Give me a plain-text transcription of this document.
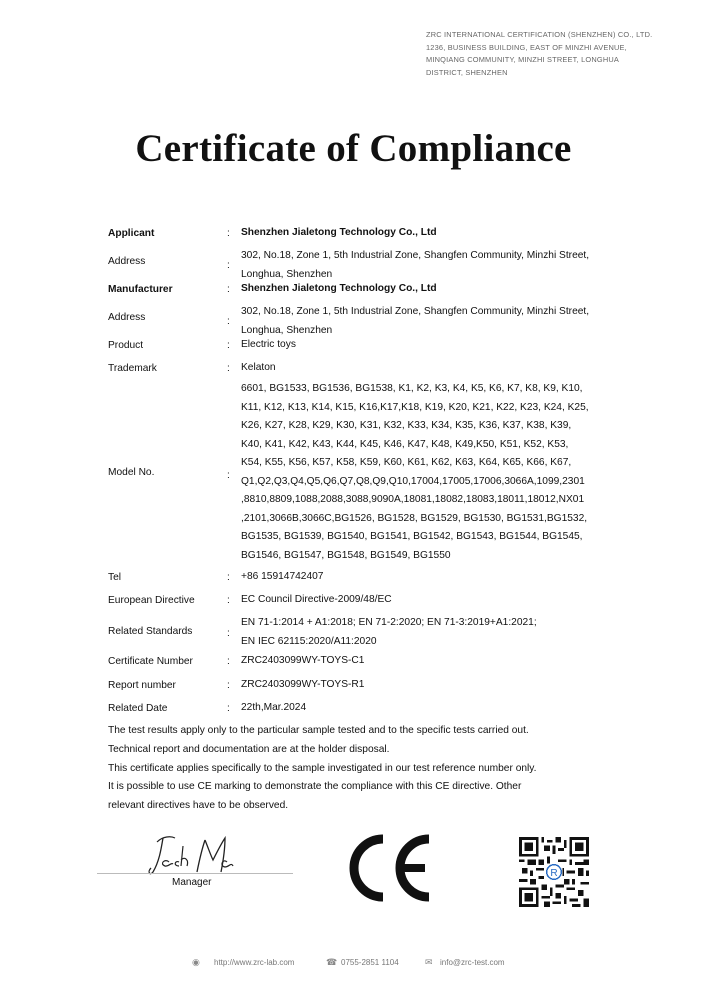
ZRC INTERNATIONAL CERTIFICATION (SHENZHEN) CO., LTD.
1236, BUSINESS BUILDING, EAST OF MINZHI AVENUE,
MINQIANG COMMUNITY, MINZHI STREET, LONGHUA
DISTRICT, SHENZHEN
Certificate of Compliance
Applicant	: Shenzhen Jialetong Technology Co., Ltd
Address	:
302, No.18, Zone 1, 5th Industrial Zone, Shangfen Community, Minzhi Street, Longhua, Shenzhen
Manufacturer	: Shenzhen Jialetong Technology Co., Ltd
Address	:
302, No.18, Zone 1, 5th Industrial Zone, Shangfen Community, Minzhi Street, Longhua, Shenzhen
Product	: Electric toys
Trademark	: Kelaton
Model No.	:
6601, BG1533, BG1536, BG1538, K1, K2, K3, K4, K5, K6, K7, K8, K9, K10,
K11, K12, K13, K14, K15, K16,K17,K18, K19, K20, K21, K22, K23, K24, K25,
K26, K27, K28, K29, K30, K31, K32, K33, K34, K35, K36, K37, K38, K39,
K40, K41, K42, K43, K44, K45, K46, K47, K48, K49,K50, K51, K52, K53,
K54, K55, K56, K57, K58, K59, K60, K61, K62, K63, K64, K65, K66, K67,
Q1,Q2,Q3,Q4,Q5,Q6,Q7,Q8,Q9,Q10,17004,17005,17006,3066A,1099,2301
,8810,8809,1088,2088,3088,9090A,18081,18082,18083,18011,18012,NX01
,2101,3066B,3066C,BG1526, BG1528, BG1529, BG1530, BG1531,BG1532,
BG1535, BG1539, BG1540, BG1541, BG1542, BG1543, BG1544, BG1545,
BG1546, BG1547, BG1548, BG1549, BG1550
Tel	: +86 15914742407
European Directive	: EC Council Directive-2009/48/EC
Related Standards	:
EN 71-1:2014 + A1:2018; EN 71-2:2020; EN 71-3:2019+A1:2021;
EN IEC 62115:2020/A11:2020
Certificate Number	: ZRC2403099WY-TOYS-C1
Report number	: ZRC2403099WY-TOYS-R1
Related Date	: 22th,Mar.2024
The test results apply only to the particular sample tested and to the specific tests carried out.
Technical report and documentation are at the holder disposal.
This certificate applies specifically to the sample investigated in our test reference number only.
It is possible to use CE marking to demonstrate the compliance with this CE directive. Other
relevant directives have to be observed.
Manager
R
◉ http://www.zrc-lab.com	☎ 0755-2851 1104	✉ info@zrc-test.com
